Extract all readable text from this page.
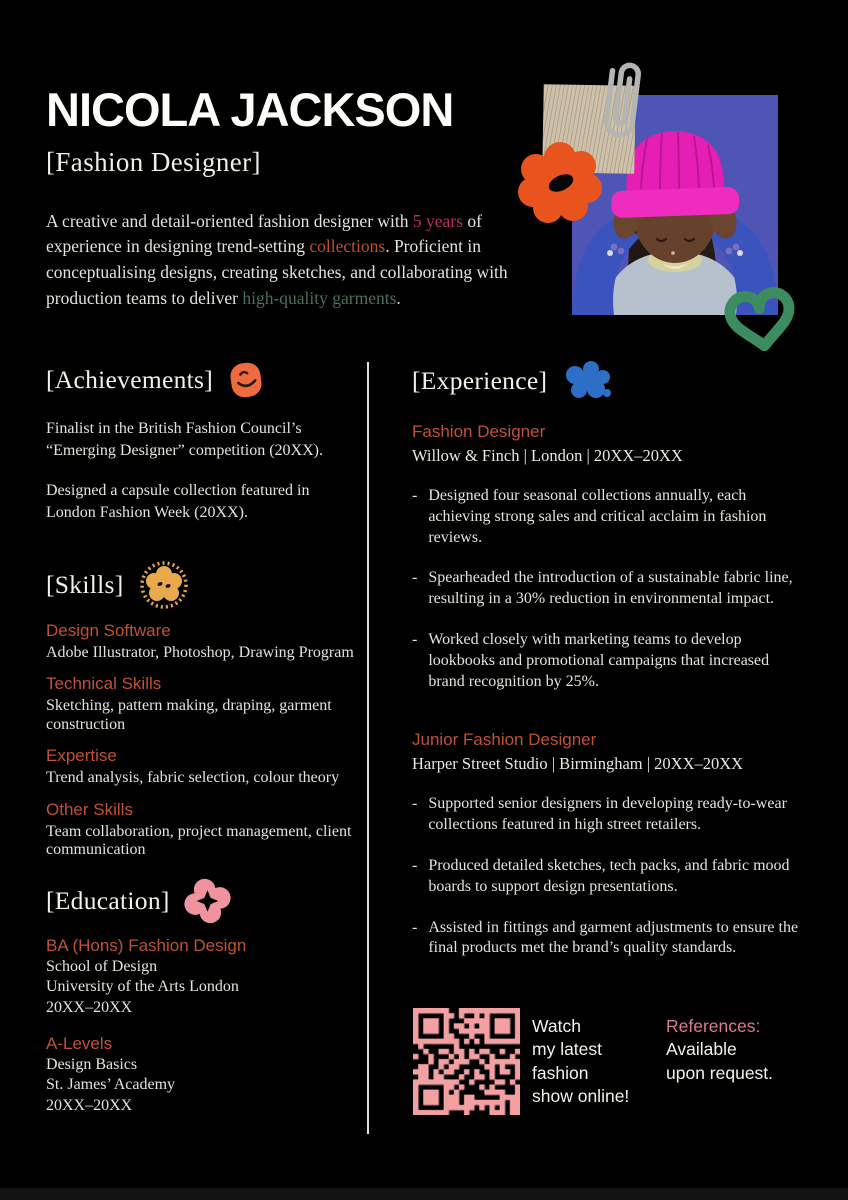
NICOLA JACKSON
[Fashion Designer]

A creative and detail-oriented fashion designer with 5 years of experience in designing trend-setting collections. Proficient in conceptualising designs, creating sketches, and collaborating with production teams to deliver high-quality garments.

[Achievements]

Finalist in the British Fashion Council’s “Emerging Designer” competition (20XX).

Designed a capsule collection featured in London Fashion Week (20XX).

[Skills]
Design Software
Adobe Illustrator, Photoshop, Drawing Program
Technical Skills
Sketching, pattern making, draping, garment construction
Expertise
Trend analysis, fabric selection, colour theory
Other Skills
Team collaboration, project management, client communication
[Education]
BA (Hons) Fashion Design
School of Design
University of the Arts London
20XX–20XX
A-Levels
Design Basics
St. James’ Academy
20XX–20XX
[Experience]
Fashion Designer
Willow & Finch | London | 20XX–20XX
- Designed four seasonal collections annually, each achieving strong sales and critical acclaim in fashion reviews.
- Spearheaded the introduction of a sustainable fabric line, resulting in a 30% reduction in environmental impact.
- Worked closely with marketing teams to develop lookbooks and promotional campaigns that increased brand recognition by 25%.
Junior Fashion Designer
Harper Street Studio | Birmingham | 20XX–20XX
- Supported senior designers in developing ready-to-wear collections featured in high street retailers.
- Produced detailed sketches, tech packs, and fabric mood boards to support design presentations.
- Assisted in fittings and garment adjustments to ensure the final products met the brand’s quality standards.
Watch
my latest
fashion
show online!
References:
Available
upon request.
